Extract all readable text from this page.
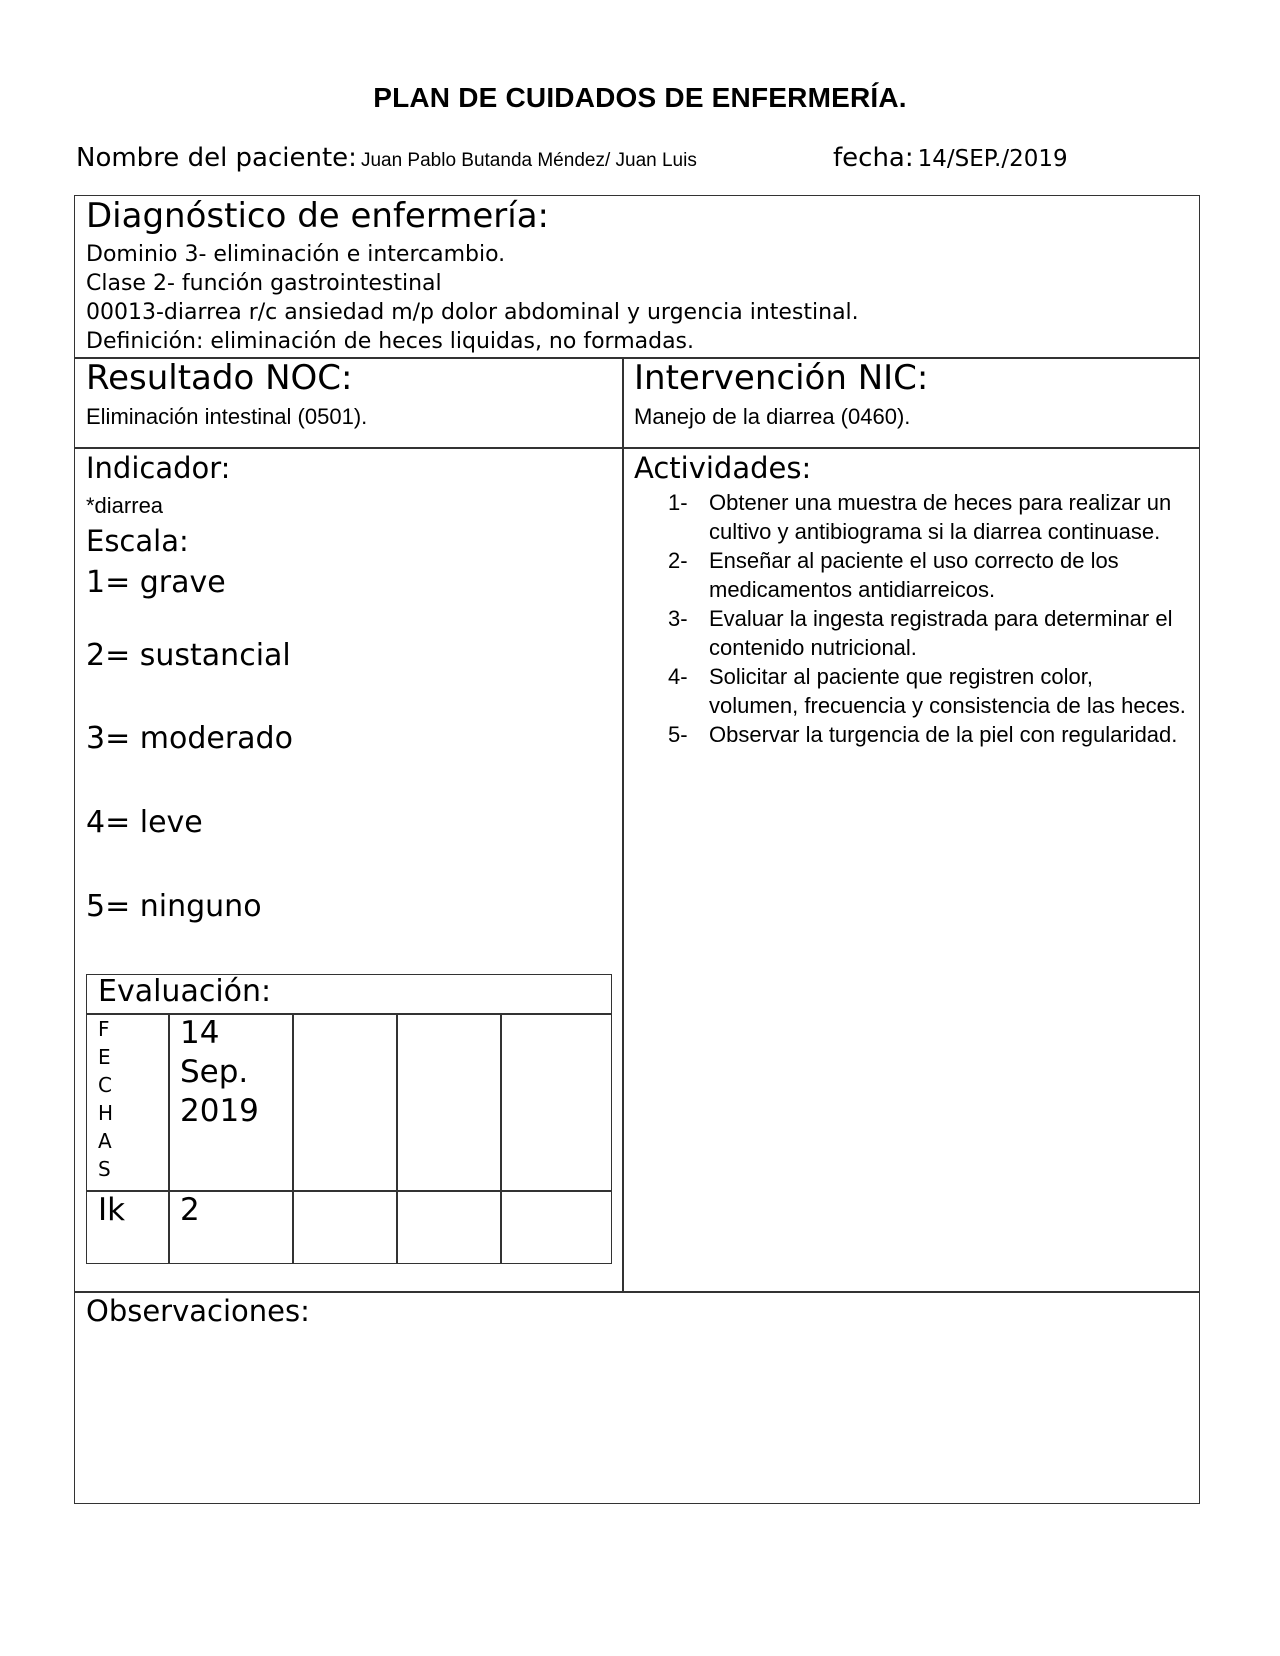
PLAN DE CUIDADOS DE ENFERMERÍA.
Nombre del paciente: Juan Pablo Butanda Méndez/ Juan Luis	fecha: 14/SEP./2019
Diagnóstico de enfermería:
Dominio 3- eliminación e intercambio.
Clase 2- función gastrointestinal
00013-diarrea r/c ansiedad m/p dolor abdominal y urgencia intestinal.
Definición: eliminación de heces liquidas, no formadas.
Resultado NOC:
Eliminación intestinal (0501).
Intervención NIC:
Manejo de la diarrea (0460).
Indicador:
*diarrea
Escala:
1= grave
2= sustancial
3= moderado
4= leve
5= ninguno
Evaluación:
F
E
C
H
A
S
14
Sep.
2019
Ik 2
Actividades:
1- Obtener una muestra de heces para realizar un cultivo y antibiograma si la diarrea continuase.
2- Enseñar al paciente el uso correcto de los medicamentos antidiarreicos.
3- Evaluar la ingesta registrada para determinar el contenido nutricional.
4- Solicitar al paciente que registren color, volumen, frecuencia y consistencia de las heces.
5- Observar la turgencia de la piel con regularidad.
Observaciones:
